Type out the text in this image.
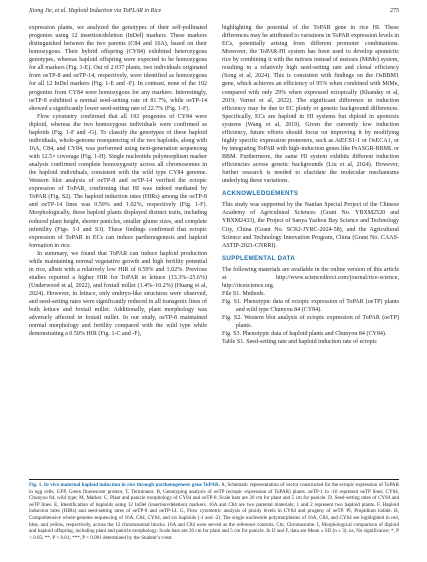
Xiong Jie, et al. Haploid Induction via ToPLAR in Rice	275

expression plants, we analyzed the genotypes of their self-pollinated progenies using 12 insertion/deletion (InDel) markers. These markers distinguished between the two parents (C84 and 16A), based on their homozygous. Their hybrid offspring (CY84) exhibited heterozygous genotypes, whereas haploid offspring were expected to be homozygous for all markers (Fig. 1-E). Out of 2 037 plants, two individuals originated from oeTP-8 and oeTP-14, respectively, were identified as homozygous for all 12 InDel markers (Fig. 1-E and -F). In contrast, none of the 192 progenies from CY84 were homozygous for any markers. Interestingly, oeTP-8 exhibited a normal seed-setting rate of 81.7%, while oeTP-14 showed a significantly lower seed-setting rate of 22.7% (Fig. 1-F).

Flow cytometry confirmed that all 192 progenies of CY84 were diploid, whereas the two homozygous individuals were confirmed as haploids (Fig. 1-F and -G). To classify the genotypes of these haploid individuals, whole-genome resequencing of the two haploids, along with 16A, C84, and CY84, was performed using next-generation sequencing with 12.5× coverage (Fig. 1-H). Single nucleotide polymorphism marker analysis confirmed complete homozygosity across all chromosomes in the haploid individuals, consistent with the wild type CY84 genome. Western blot analysis of oeTP-8 and oeTP-14 verified the ectopic expression of ToPAR, confirming that HI was indeed mediated by ToPAR (Fig. S2). The haploid induction rates (HIRs) among the oeTP-8 and oeTP-14 lines was 0.59% and 1.02%, respectively (Fig. 1-F). Morphologically, these haploid plants displayed distinct traits, including reduced plant height, shorter panicles, smaller glume sizes, and complete infertility (Figs. 1-I and S3). These findings confirmed that ectopic expression of ToPAR in ECs can induce parthenogenesis and haploid formation in rice.

In summary, we found that ToPAR can induce haploid production while maintaining normal vegetative growth and high fertility potential in rice, albeit with a relatively low HIR of 0.59% and 1.02%. Previous studies reported a higher HIR for ToPAR in lettuce (13.3%–25.6%) (Underwood et al, 2022), and foxtail millet (1.4%–10.2%) (Huang et al, 2024). However, in lettuce, only embryo-like structures were observed, and seed-setting rates were significantly reduced in all transgenic lines of both lettuce and foxtail millet. Additionally, plant morphology was adversely affected in foxtail millet. In our study, oeTP-8 maintained normal morphology and fertility compared with the wild type while demonstrating a 0.59% HIR (Fig. 1-C and -F),

highlighting the potential of the ToPAR gene in rice HI. These differences may be attributed to variations in ToPAR expression levels in ECs, potentially arising from different promoter combinations. Moreover, the ToPAR-HI system has been used to develop apomictic rice by combining it with the mitosis instead of meiosis (MiMe) system, resulting in a relatively high seed-setting rate and clonal efficiency (Song et al, 2024). This is consistent with findings on the OsBBM1 gene, which achieves an efficiency of 95% when combined with MiMe, compared with only 29% when expressed ectopically (Khanday et al, 2019; Vernet et al, 2022). The significant difference in induction efficiency may be due to EC ploidy or genetic background differences. Specifically, ECs are haploid in HI systems but diploid in apomixis systems (Wang et al, 2019). Given the currently low induction efficiency, future efforts should focus on improving it by modifying highly specific expression promoters, such as AtECS1-1 or OsECA1, or by integrating ToPAR with high-induction genes like PsASGR-BBML or BBM. Furthermore, the same HI system exhibits different induction efficiencies across genetic backgrounds (Liu et al, 2024). However, further research is needed to elucidate the molecular mechanisms underlying these variations.

ACKNOWLEDGEMENTS

This study was supported by the Nanfan Special Project of the Chinese Academy of Agricultural Sciences (Grant No. YBXM2520 and YBXM2433), the Project of Sanya Yazhou Bay Science and Technology City, China (Grant No. SCKJ-JYRC-2024-58), and the Agricultural Science and Technology Innovation Program, China (Grant No. CAAS-ASTIP-2021-CNRRI).

SUPPLEMENTAL DATA

The following materials are available in the online version of this article at http://www.sciencedirect.com/journal/rice-science, http://ricescience.org.

File S1. Methods.

Fig. S1. Phenotypic data of ectopic expression of ToPAR (oeTP) plants and wild type Chunyou 84 (CY84).

Fig. S2. Western blot analysis of ectopic expression of ToPAR (oeTP) plants.

Fig. S3. Phenotypic data of haploid plants and Chunyou 84 (CY84).

Table S1. Seed-setting rate and haploid induction rate of ectopic

Fig. 1. In vivo maternal haploid induction in rice through parthenogenesis gene ToPAR. A, Schematic representation of vector constructed for the ectopic expression of ToPAR in egg cells. GFP, Green fluorescent protein; T, Terminator. B, Genotyping analysis of oeTP (ectopic expression of ToPAR) plants. oeTP-1 to -10 represent oeTP lines; CY84, Chunyou 84, wild type; M, Marker. C, Plant and panicle morphology of CY84 and oeTP-8. Scale bars are 20 cm for plant and 5 cm for panicle. D, Seed-setting rates of CY84 and oeTP lines. E, Identification of haploids using 12 InDel (insertion/deletion) markers. 16A and C84 are two parental materials; 1 and 2 represent two haploid plants. F, Haploid induction rates (HIRs) and seed-setting rates of oeTP-8 and oeTP-14. G, Flow cytometric analysis of ploidy levels in CY84 and progeny of oeTP. PI, Propidium iodide. H, Comprehensive whole-genome sequencing of 16A, C84, CY84, and six haploids (-1 and -2). The single nucleotide polymorphisms of 16A, C84, and CY84 are highlighted in red, blue, and yellow, respectively, across the 12 chromosomal blocks. 16A and C84 were served as the reference controls. Chr, Chromosome. I, Morphological comparison of diploid and haploid offspring, including plant and panicle morphology. Scale bars are 20 cm for plant and 5 cm for panicle. In D and F, data are Mean ± SD (n ≥ 3). ns, No significance; *, P < 0.05; **, P < 0.01; ***, P < 0.001 determined by the Student’s t-test.
